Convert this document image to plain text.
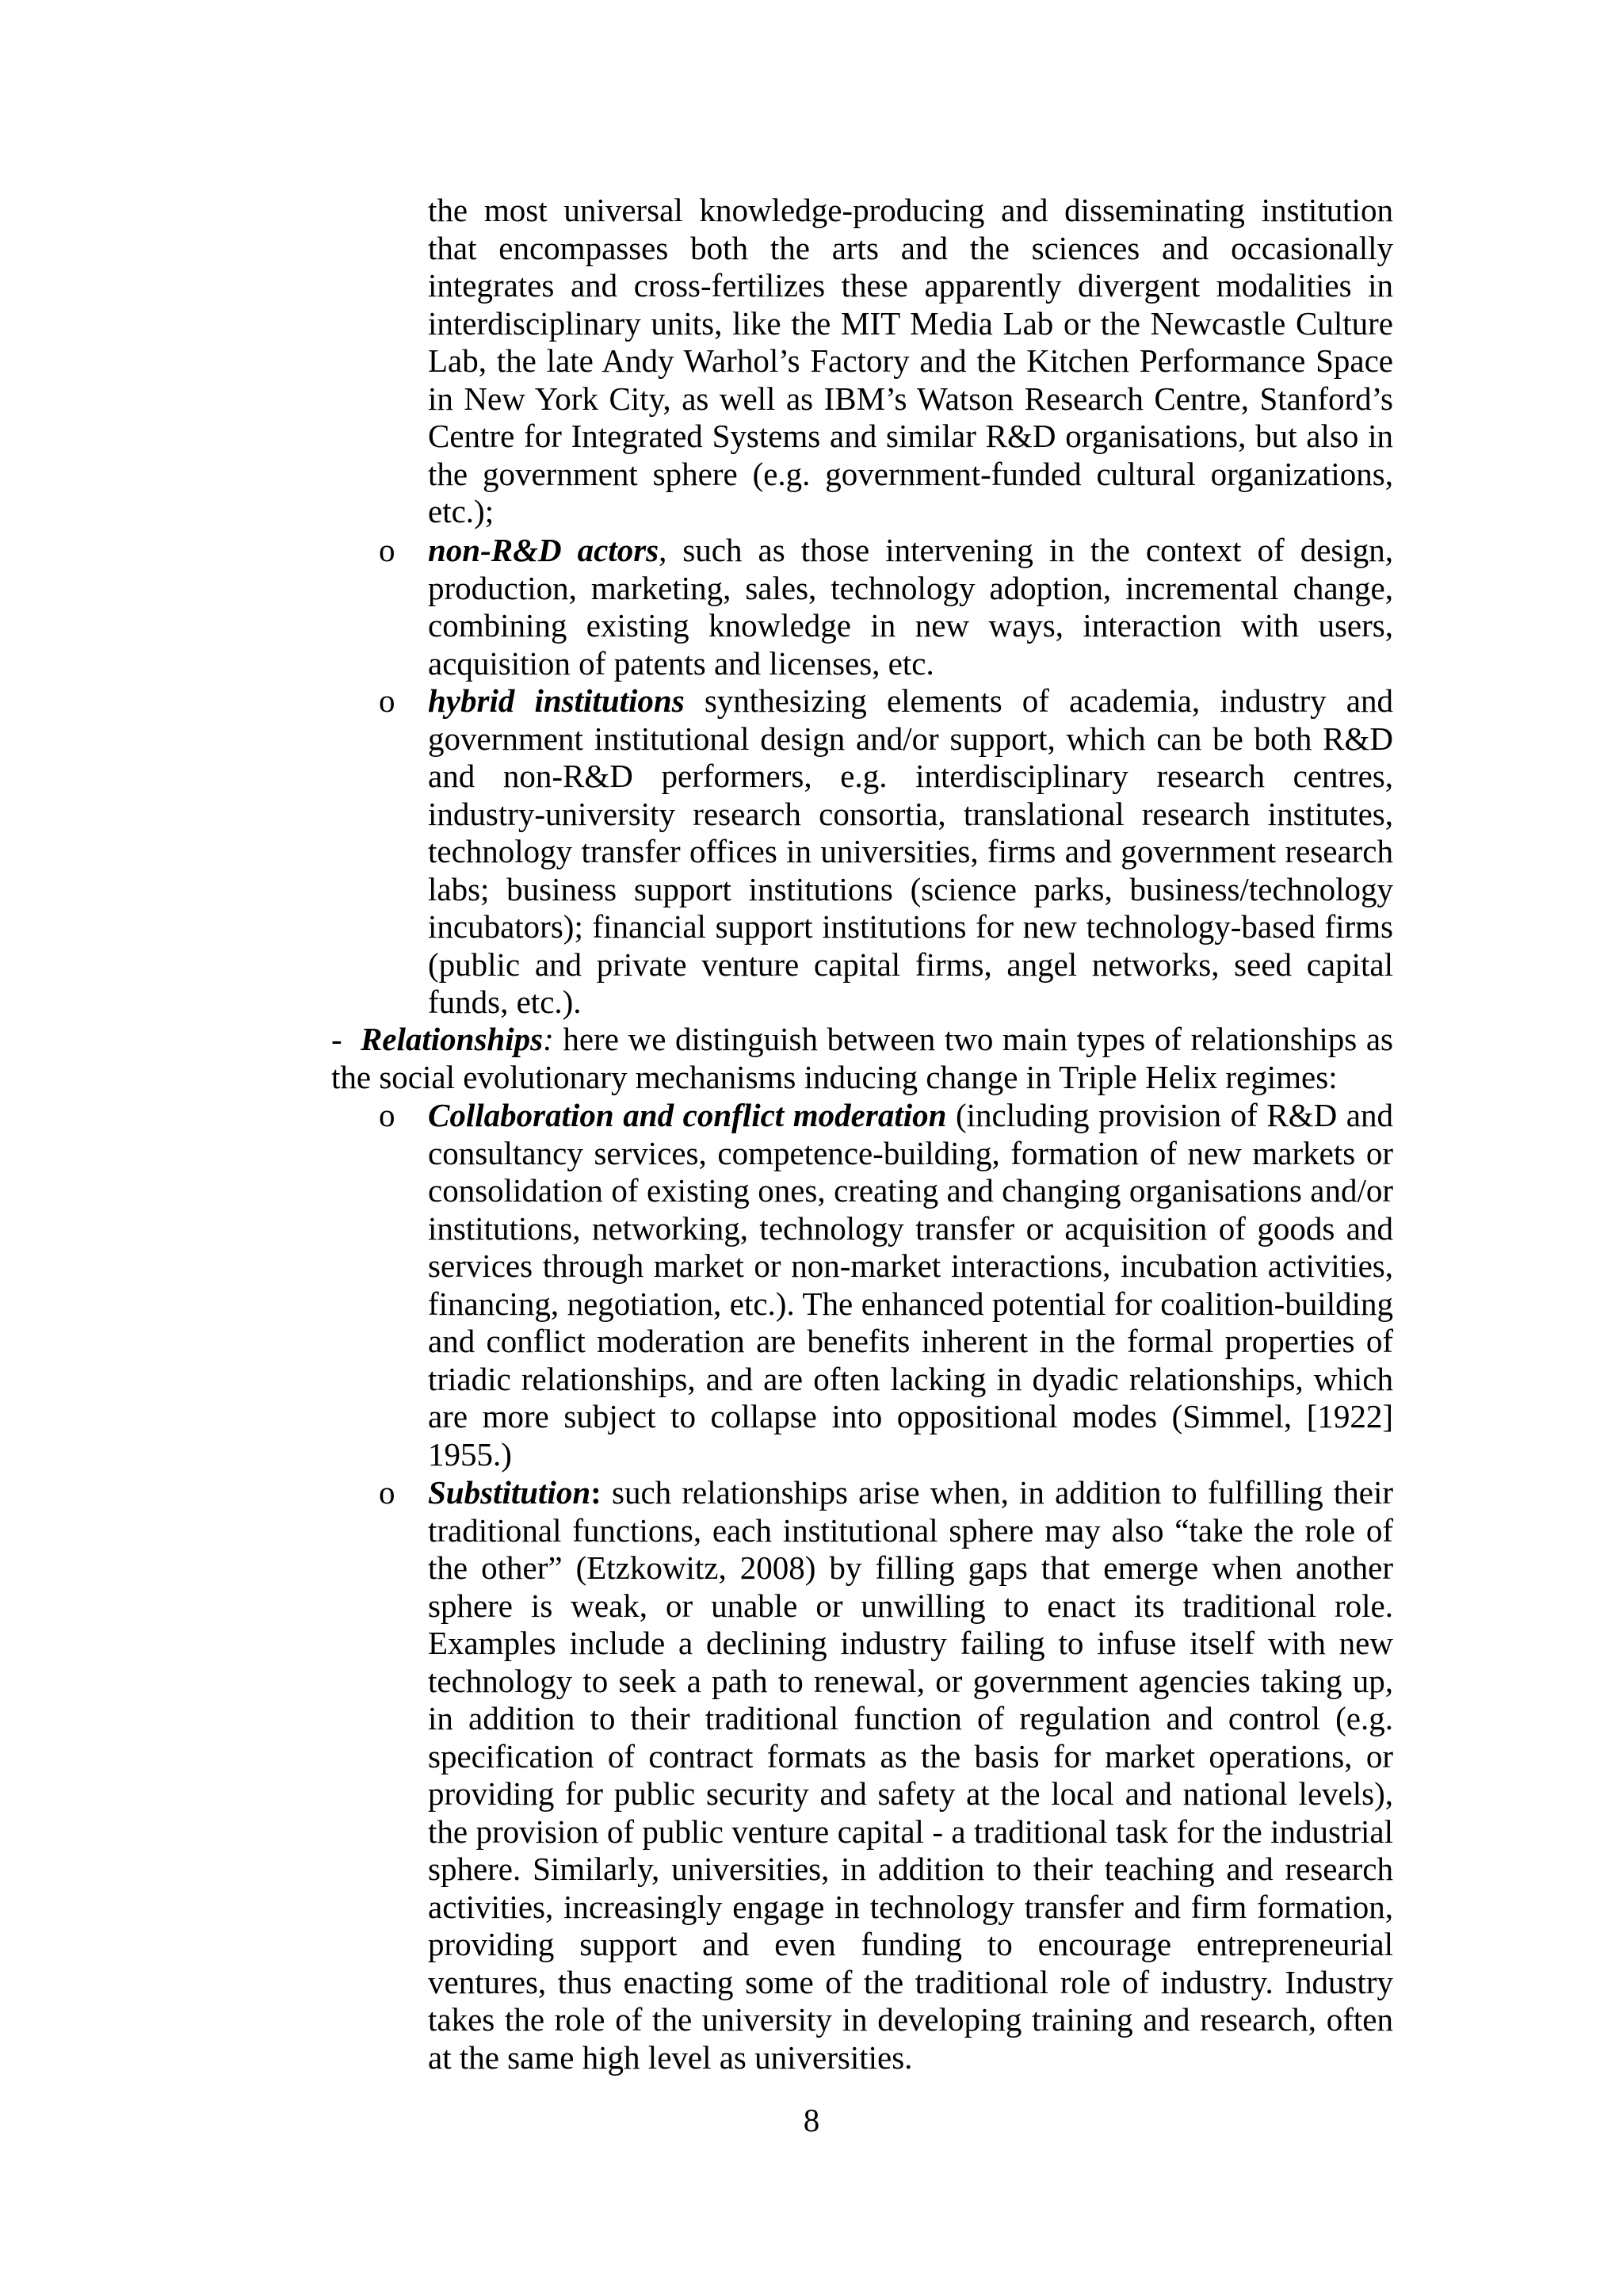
the most universal knowledge-producing and disseminating institution that encompasses both the arts and the sciences and occasionally integrates and cross-fertilizes these apparently divergent modalities in interdisciplinary units, like the MIT Media Lab or the Newcastle Culture Lab, the late Andy Warhol’s Factory and the Kitchen Performance Space in New York City, as well as IBM’s Watson Research Centre, Stanford’s Centre for Integrated Systems and similar R&D organisations, but also in the government sphere (e.g. government-funded cultural organizations, etc.);

o	non-R&D actors, such as those intervening in the context of design, production, marketing, sales, technology adoption, incremental change, combining existing knowledge in new ways, interaction with users, acquisition of patents and licenses, etc.

o	hybrid institutions synthesizing elements of academia, industry and government institutional design and/or support, which can be both R&D and non-R&D performers, e.g. interdisciplinary research centres, industry-university research consortia, translational research institutes, technology transfer offices in universities, firms and government research labs; business support institutions (science parks, business/technology incubators); financial support institutions for new technology-based firms (public and private venture capital firms, angel networks, seed capital funds, etc.).

- Relationships: here we distinguish between two main types of relationships as the social evolutionary mechanisms inducing change in Triple Helix regimes:

o	Collaboration and conflict moderation (including provision of R&D and consultancy services, competence-building, formation of new markets or consolidation of existing ones, creating and changing organisations and/or institutions, networking, technology transfer or acquisition of goods and services through market or non-market interactions, incubation activities, financing, negotiation, etc.). The enhanced potential for coalition-building and conflict moderation are benefits inherent in the formal properties of triadic relationships, and are often lacking in dyadic relationships, which are more subject to collapse into oppositional modes (Simmel, [1922] 1955.)

o	Substitution: such relationships arise when, in addition to fulfilling their traditional functions, each institutional sphere may also “take the role of the other” (Etzkowitz, 2008) by filling gaps that emerge when another sphere is weak, or unable or unwilling to enact its traditional role. Examples include a declining industry failing to infuse itself with new technology to seek a path to renewal, or government agencies taking up, in addition to their traditional function of regulation and control (e.g. specification of contract formats as the basis for market operations, or providing for public security and safety at the local and national levels), the provision of public venture capital - a traditional task for the industrial sphere. Similarly, universities, in addition to their teaching and research activities, increasingly engage in technology transfer and firm formation, providing support and even funding to encourage entrepreneurial ventures, thus enacting some of the traditional role of industry. Industry takes the role of the university in developing training and research, often at the same high level as universities.

8
